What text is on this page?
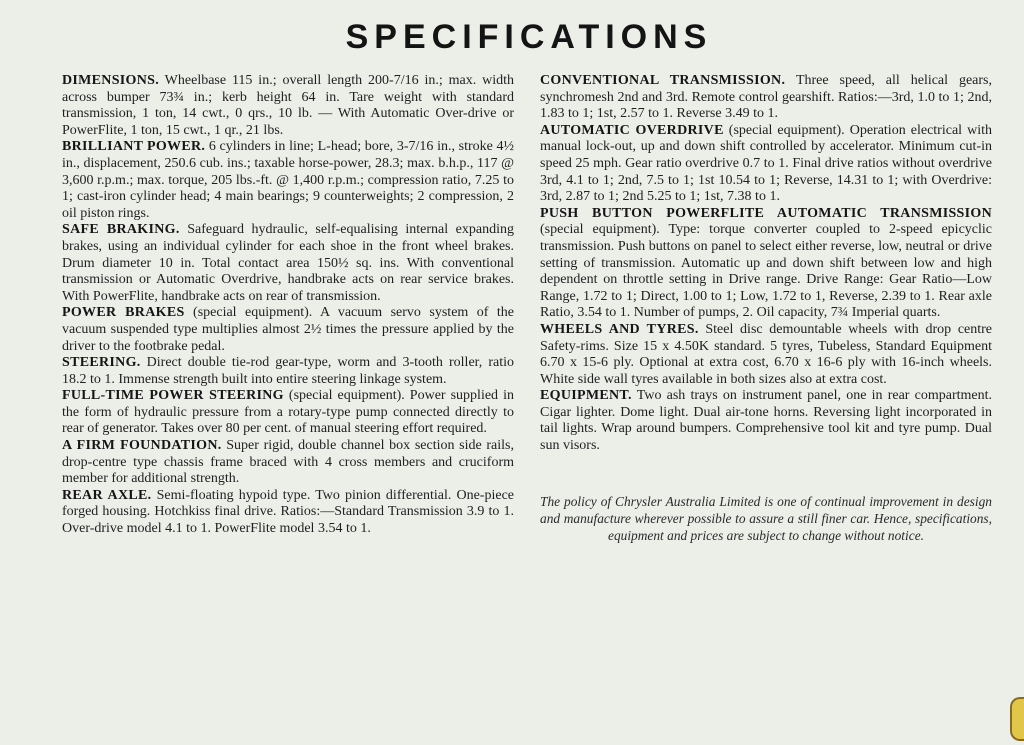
SPECIFICATIONS

DIMENSIONS. Wheelbase 115 in.; overall length 200-7/16 in.; max. width across bumper 73¾ in.; kerb height 64 in. Tare weight with standard transmission, 1 ton, 14 cwt., 0 qrs., 10 lb. — With Automatic Over-drive or PowerFlite, 1 ton, 15 cwt., 1 qr., 21 lbs.

BRILLIANT POWER. 6 cylinders in line; L-head; bore, 3-7/16 in., stroke 4½ in., displacement, 250.6 cub. ins.; taxable horse-power, 28.3; max. b.h.p., 117 @ 3,600 r.p.m.; max. torque, 205 lbs.-ft. @ 1,400 r.p.m.; compression ratio, 7.25 to 1; cast-iron cylinder head; 4 main bearings; 9 counterweights; 2 compression, 2 oil piston rings.

SAFE BRAKING. Safeguard hydraulic, self-equalising internal expanding brakes, using an individual cylinder for each shoe in the front wheel brakes. Drum diameter 10 in. Total contact area 150½ sq. ins. With conventional transmission or Automatic Overdrive, handbrake acts on rear service brakes. With PowerFlite, handbrake acts on rear of transmission.

POWER BRAKES (special equipment). A vacuum servo system of the vacuum suspended type multiplies almost 2½ times the pressure applied by the driver to the footbrake pedal.

STEERING. Direct double tie-rod gear-type, worm and 3-tooth roller, ratio 18.2 to 1. Immense strength built into entire steering linkage system.

FULL-TIME POWER STEERING (special equipment). Power supplied in the form of hydraulic pressure from a rotary-type pump connected directly to rear of generator. Takes over 80 per cent. of manual steering effort required.

A FIRM FOUNDATION. Super rigid, double channel box section side rails, drop-centre type chassis frame braced with 4 cross members and cruciform member for additional strength.

REAR AXLE. Semi-floating hypoid type. Two pinion differential. One-piece forged housing. Hotchkiss final drive. Ratios:—Standard Transmission 3.9 to 1. Over-drive model 4.1 to 1. PowerFlite model 3.54 to 1.

CONVENTIONAL TRANSMISSION. Three speed, all helical gears, synchromesh 2nd and 3rd. Remote control gearshift. Ratios:—3rd, 1.0 to 1; 2nd, 1.83 to 1; 1st, 2.57 to 1. Reverse 3.49 to 1.

AUTOMATIC OVERDRIVE (special equipment). Operation electrical with manual lock-out, up and down shift controlled by accelerator. Minimum cut-in speed 25 mph. Gear ratio overdrive 0.7 to 1. Final drive ratios without overdrive 3rd, 4.1 to 1; 2nd, 7.5 to 1; 1st 10.54 to 1; Reverse, 14.31 to 1; with Overdrive: 3rd, 2.87 to 1; 2nd 5.25 to 1; 1st, 7.38 to 1.

PUSH BUTTON POWERFLITE AUTOMATIC TRANSMISSION (special equipment). Type: torque converter coupled to 2-speed epicyclic transmission. Push buttons on panel to select either reverse, low, neutral or drive setting of transmission. Automatic up and down shift between low and high dependent on throttle setting in Drive range. Drive Range: Gear Ratio—Low Range, 1.72 to 1; Direct, 1.00 to 1; Low, 1.72 to 1, Reverse, 2.39 to 1. Rear axle Ratio, 3.54 to 1. Number of pumps, 2. Oil capacity, 7¾ Imperial quarts.

WHEELS AND TYRES. Steel disc demountable wheels with drop centre Safety-rims. Size 15 x 4.50K standard. 5 tyres, Tubeless, Standard Equipment 6.70 x 15-6 ply. Optional at extra cost, 6.70 x 16-6 ply with 16-inch wheels. White side wall tyres available in both sizes also at extra cost.

EQUIPMENT. Two ash trays on instrument panel, one in rear compartment. Cigar lighter. Dome light. Dual air-tone horns. Reversing light incorporated in tail lights. Wrap around bumpers. Comprehensive tool kit and tyre pump. Dual sun visors.

The policy of Chrysler Australia Limited is one of continual improvement in design and manufacture wherever possible to assure a still finer car. Hence, specifications, equipment and prices are subject to change without notice.
